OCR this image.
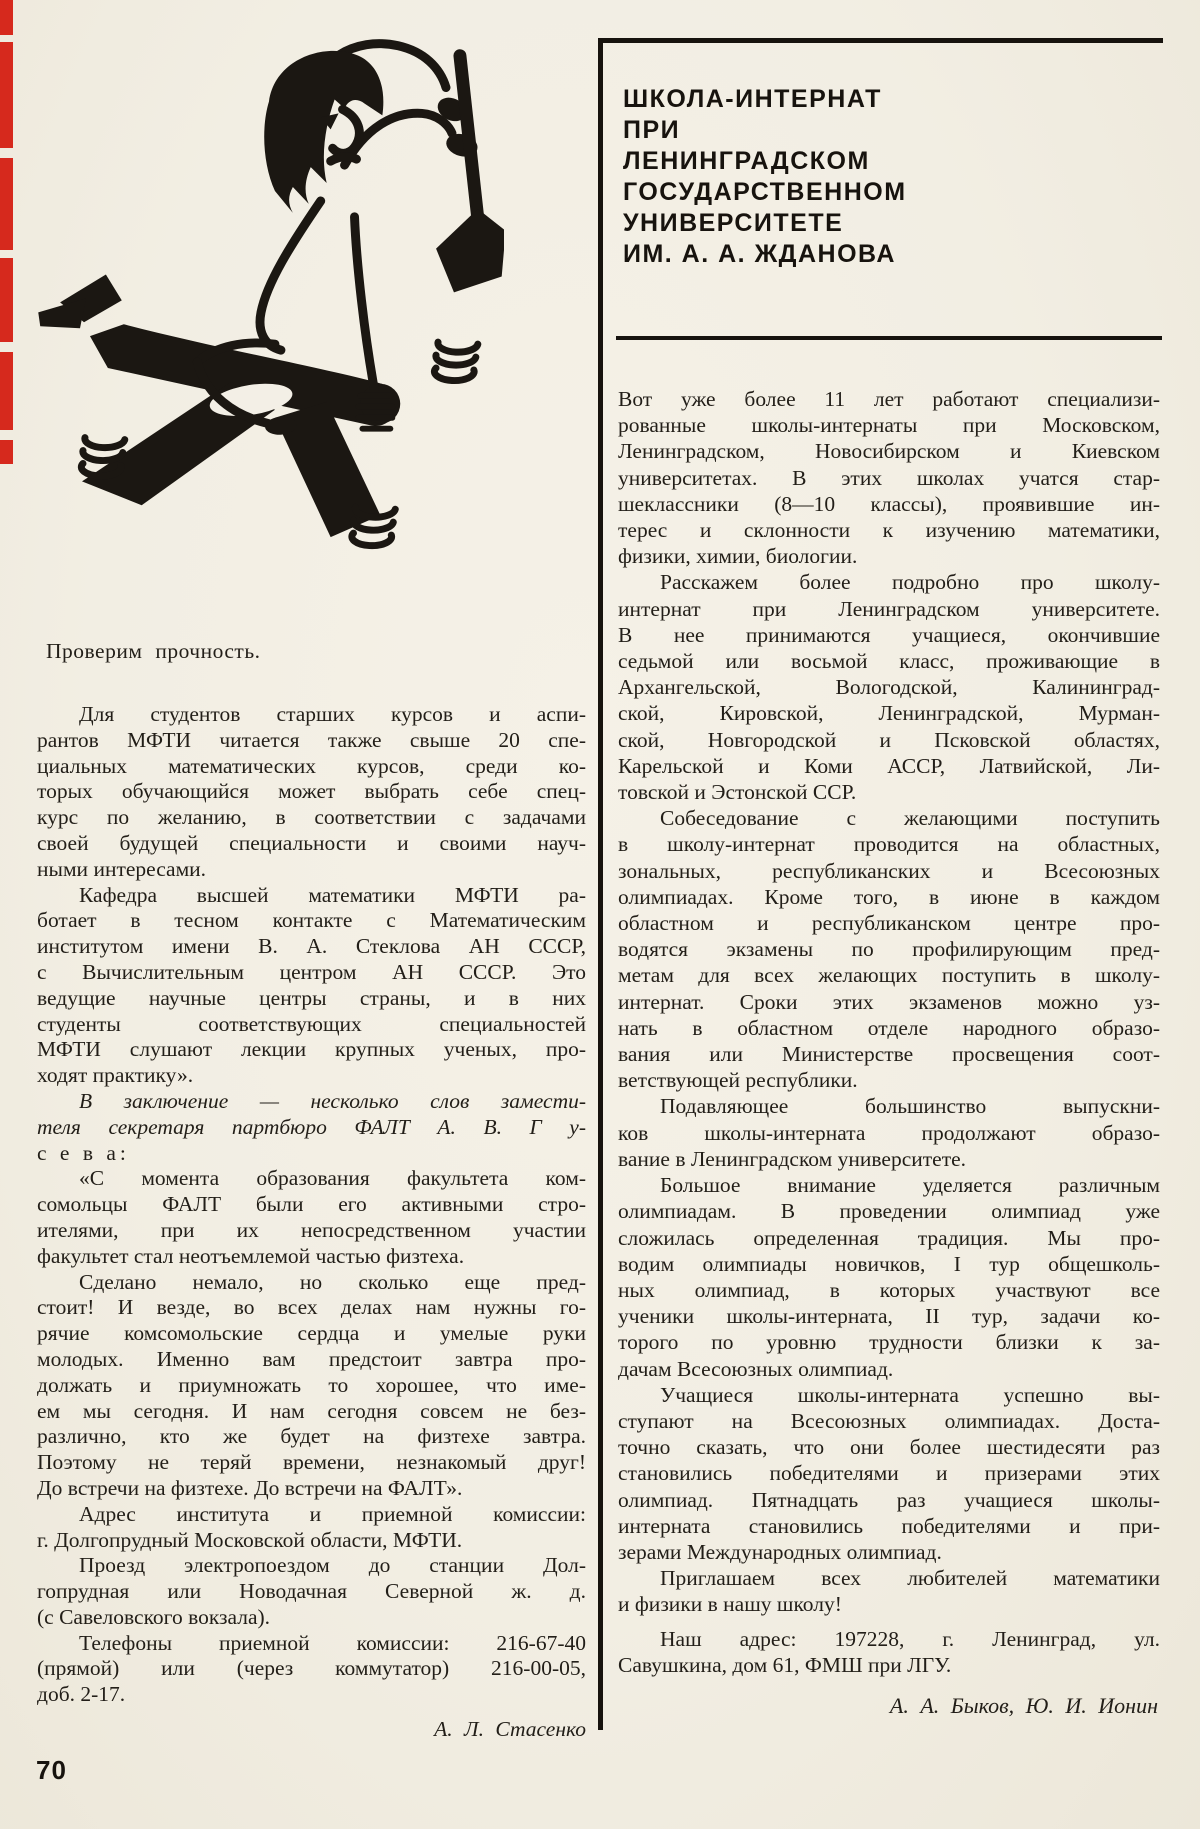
Проверим прочность.
ШКОЛА-ИНТЕРНАТ
ПРИ
ЛЕНИНГРАДСКОМ
ГОСУДАРСТВЕННОМ
УНИВЕРСИТЕТЕ
ИМ. А. А. ЖДАНОВА
Для студентов старших курсов и аспи-
рантов МФТИ читается также свыше 20 спе-
циальных математических курсов, среди ко-
торых обучающийся может выбрать себе спец-
курс по желанию, в соответствии с задачами
своей будущей специальности и своими науч-
ными интересами.
Кафедра высшей математики МФТИ ра-
ботает в тесном контакте с Математическим
институтом имени В. А. Стеклова АН СССР,
с Вычислительным центром АН СССР. Это
ведущие научные центры страны, и в них
студенты соответствующих специальностей
МФТИ слушают лекции крупных ученых, про-
ходят практику».
В заключение — несколько слов замести-
теля секретаря партбюро ФАЛТ А. В. Г у-
с е в а:
«С момента образования факультета ком-
сомольцы ФАЛТ были его активными стро-
ителями, при их непосредственном участии
факультет стал неотъемлемой частью физтеха.
Сделано немало, но сколько еще пред-
стоит! И везде, во всех делах нам нужны го-
рячие комсомольские сердца и умелые руки
молодых. Именно вам предстоит завтра про-
должать и приумножать то хорошее, что име-
ем мы сегодня. И нам сегодня совсем не без-
различно, кто же будет на физтехе завтра.
Поэтому не теряй времени, незнакомый друг!
До встречи на физтехе. До встречи на ФАЛТ».
Адрес института и приемной комиссии:
г. Долгопрудный Московской области, МФТИ.
Проезд электропоездом до станции Дол-
гопрудная или Новодачная Северной ж. д.
(с Савеловского вокзала).
Телефоны приемной комиссии: 216-67-40
(прямой) или (через коммутатор) 216-00-05,
доб. 2-17.
А. Л. Стасенко
Вот уже более 11 лет работают специализи-
рованные школы-интернаты при Московском,
Ленинградском, Новосибирском и Киевском
университетах. В этих школах учатся стар-
шеклассники (8—10 классы), проявившие ин-
терес и склонности к изучению математики,
физики, химии, биологии.
Расскажем более подробно про школу-
интернат при Ленинградском университете.
В нее принимаются учащиеся, окончившие
седьмой или восьмой класс, проживающие в
Архангельской, Вологодской, Калининград-
ской, Кировской, Ленинградской, Мурман-
ской, Новгородской и Псковской областях,
Карельской и Коми АССР, Латвийской, Ли-
товской и Эстонской ССР.
Собеседование с желающими поступить
в школу-интернат проводится на областных,
зональных, республиканских и Всесоюзных
олимпиадах. Кроме того, в июне в каждом
областном и республиканском центре про-
водятся экзамены по профилирующим пред-
метам для всех желающих поступить в школу-
интернат. Сроки этих экзаменов можно уз-
нать в областном отделе народного образо-
вания или Министерстве просвещения соот-
ветствующей республики.
Подавляющее большинство выпускни-
ков школы-интерната продолжают образо-
вание в Ленинградском университете.
Большое внимание уделяется различным
олимпиадам. В проведении олимпиад уже
сложилась определенная традиция. Мы про-
водим олимпиады новичков, I тур общешколь-
ных олимпиад, в которых участвуют все
ученики школы-интерната, II тур, задачи ко-
торого по уровню трудности близки к за-
дачам Всесоюзных олимпиад.
Учащиеся школы-интерната успешно вы-
ступают на Всесоюзных олимпиадах. Доста-
точно сказать, что они более шестидесяти раз
становились победителями и призерами этих
олимпиад. Пятнадцать раз учащиеся школы-
интерната становились победителями и при-
зерами Международных олимпиад.
Приглашаем всех любителей математики
и физики в нашу школу!
Наш адрес: 197228, г. Ленинград, ул.
Савушкина, дом 61, ФМШ при ЛГУ.
А. А. Быков, Ю. И. Ионин
70
